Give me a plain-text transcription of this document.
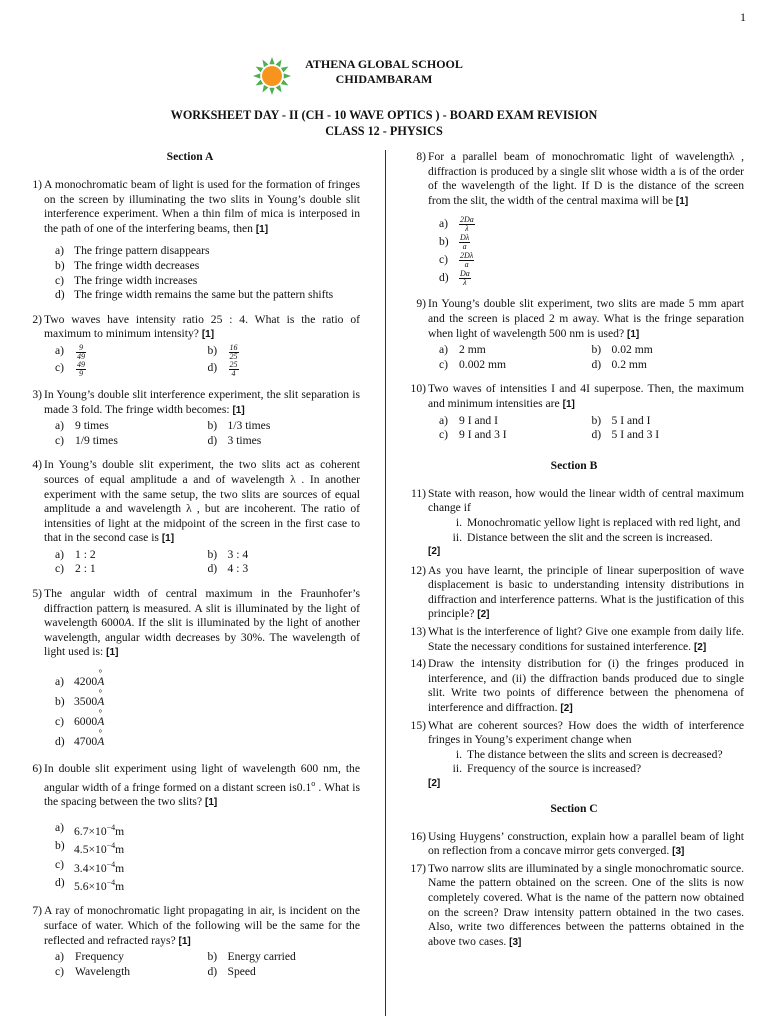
1
ATHENA GLOBAL SCHOOL
CHIDAMBARAM
WORKSHEET DAY - II (CH - 10 WAVE OPTICS ) - BOARD EXAM REVISION
CLASS 12 - PHYSICS
Section A
1) A monochromatic beam of light is used for the formation of fringes on the screen by illuminating the two slits in Young’s double slit interference experiment. When a thin film of mica is interposed in the path of one of the interfering beams, then [1]
a) The fringe pattern disappears
b) The fringe width decreases
c) The fringe width increases
d) The fringe width remains the same but the pattern shifts
2) Two waves have intensity ratio 25 : 4. What is the ratio of maximum to minimum intensity? [1]
$a) \frac{9}{49}$	$b) \frac{16}{25}$
$c) \frac{49}{9}$	$d) \frac{25}{4}$
3) In Young’s double slit interference experiment, the slit separation is made 3 fold. The fringe width becomes: [1]
a) 9 times	b) 1/3 times
c) 1/9 times	d) 3 times
4) In Young’s double slit experiment, the two slits act as coherent sources of equal amplitude a and of wavelength λ . In another experiment with the same setup, the two slits are sources of equal amplitude a and wavelength λ , but are incoherent. The ratio of intensities of light at the midpoint of the screen in the first case to that in the second case is [1]
a) 1 : 2	b) 3 : 4
c) 2 : 1	d) 4 : 3
5) The angular width of central maximum in the Fraunhofer’s diffraction pattern is measured. A slit is illuminated by the light of wavelength 6000° A. If the slit is illuminated by the light of another wavelength, angular width decreases by 30%. The wavelength of light used is: [1]
a) 4200° A
b) 3500° A
c) 6000° A
d) 4700° A
6) In double slit experiment using light of wavelength 600 nm, the angular width of a fringe formed on a distant screen is0.1$^o$ . What is the spacing between the two slits? [1]
a) $6.7\times 10^{-4}m$
b) $4.5\times 10^{-4}m$
c) $3.4\times 10^{-4}m$
d) $5.6\times 10^{-4}m$
7) A ray of monochromatic light propagating in air, is incident on the surface of water. Which of the following will be the same for the reflected and refracted rays? [1]
a) Frequency	b) Energy carried
c) Wavelength	d) Speed
8) For a parallel beam of monochromatic light of wavelengthλ , diffraction is produced by a single slit whose width a is of the order of the wavelength of the light. If D is the distance of the screen from the slit, the width of the central maxima will be [1]
$a) \frac{2Da}{\lambda}$
$b) \frac{D\lambda}{a}$
$c) \frac{2D\lambda}{a}$
$d) \frac{Da}{\lambda}$
9) In Young’s double slit experiment, two slits are made 5 mm apart and the screen is placed 2 m away. What is the fringe separation when light of wavelength 500 nm is used? [1]
a) 2 mm	b) 0.02 mm
c) 0.002 mm	d) 0.2 mm
10) Two waves of intensities I and 4I superpose. Then, the maximum and minimum intensities are [1]
a) 9 I and I	b) 5 I and I
c) 9 I and 3 I	d) 5 I and 3 I
Section B
11) State with reason, how would the linear width of central maximum change if
i. Monochromatic yellow light is replaced with red light, and
ii. Distance between the slit and the screen is increased.
[2]
12) As you have learnt, the principle of linear superposition of wave displacement is basic to understanding intensity distributions in diffraction and interference patterns. What is the justification of this principle? [2]
13) What is the interference of light? Give one example from daily life. State the necessary conditions for sustained interference. [2]
14) Draw the intensity distribution for (i) the fringes produced in interference, and (ii) the diffraction bands produced due to single slit. Write two points of difference between the phenomena of interference and diffraction. [2]
15) What are coherent sources? How does the width of interference fringes in Young’s experiment change when
i. The distance between the slits and screen is decreased?
ii. Frequency of the source is increased?
[2]
Section C
16) Using Huygens’ construction, explain how a parallel beam of light on reflection from a concave mirror gets converged. [3]
17) Two narrow slits are illuminated by a single monochromatic source. Name the pattern obtained on the screen. One of the slits is now completely covered. What is the name of the pattern now obtained on the screen? Draw intensity pattern obtained in the two cases. Also, write two differences between the patterns obtained in the above two cases. [3]
